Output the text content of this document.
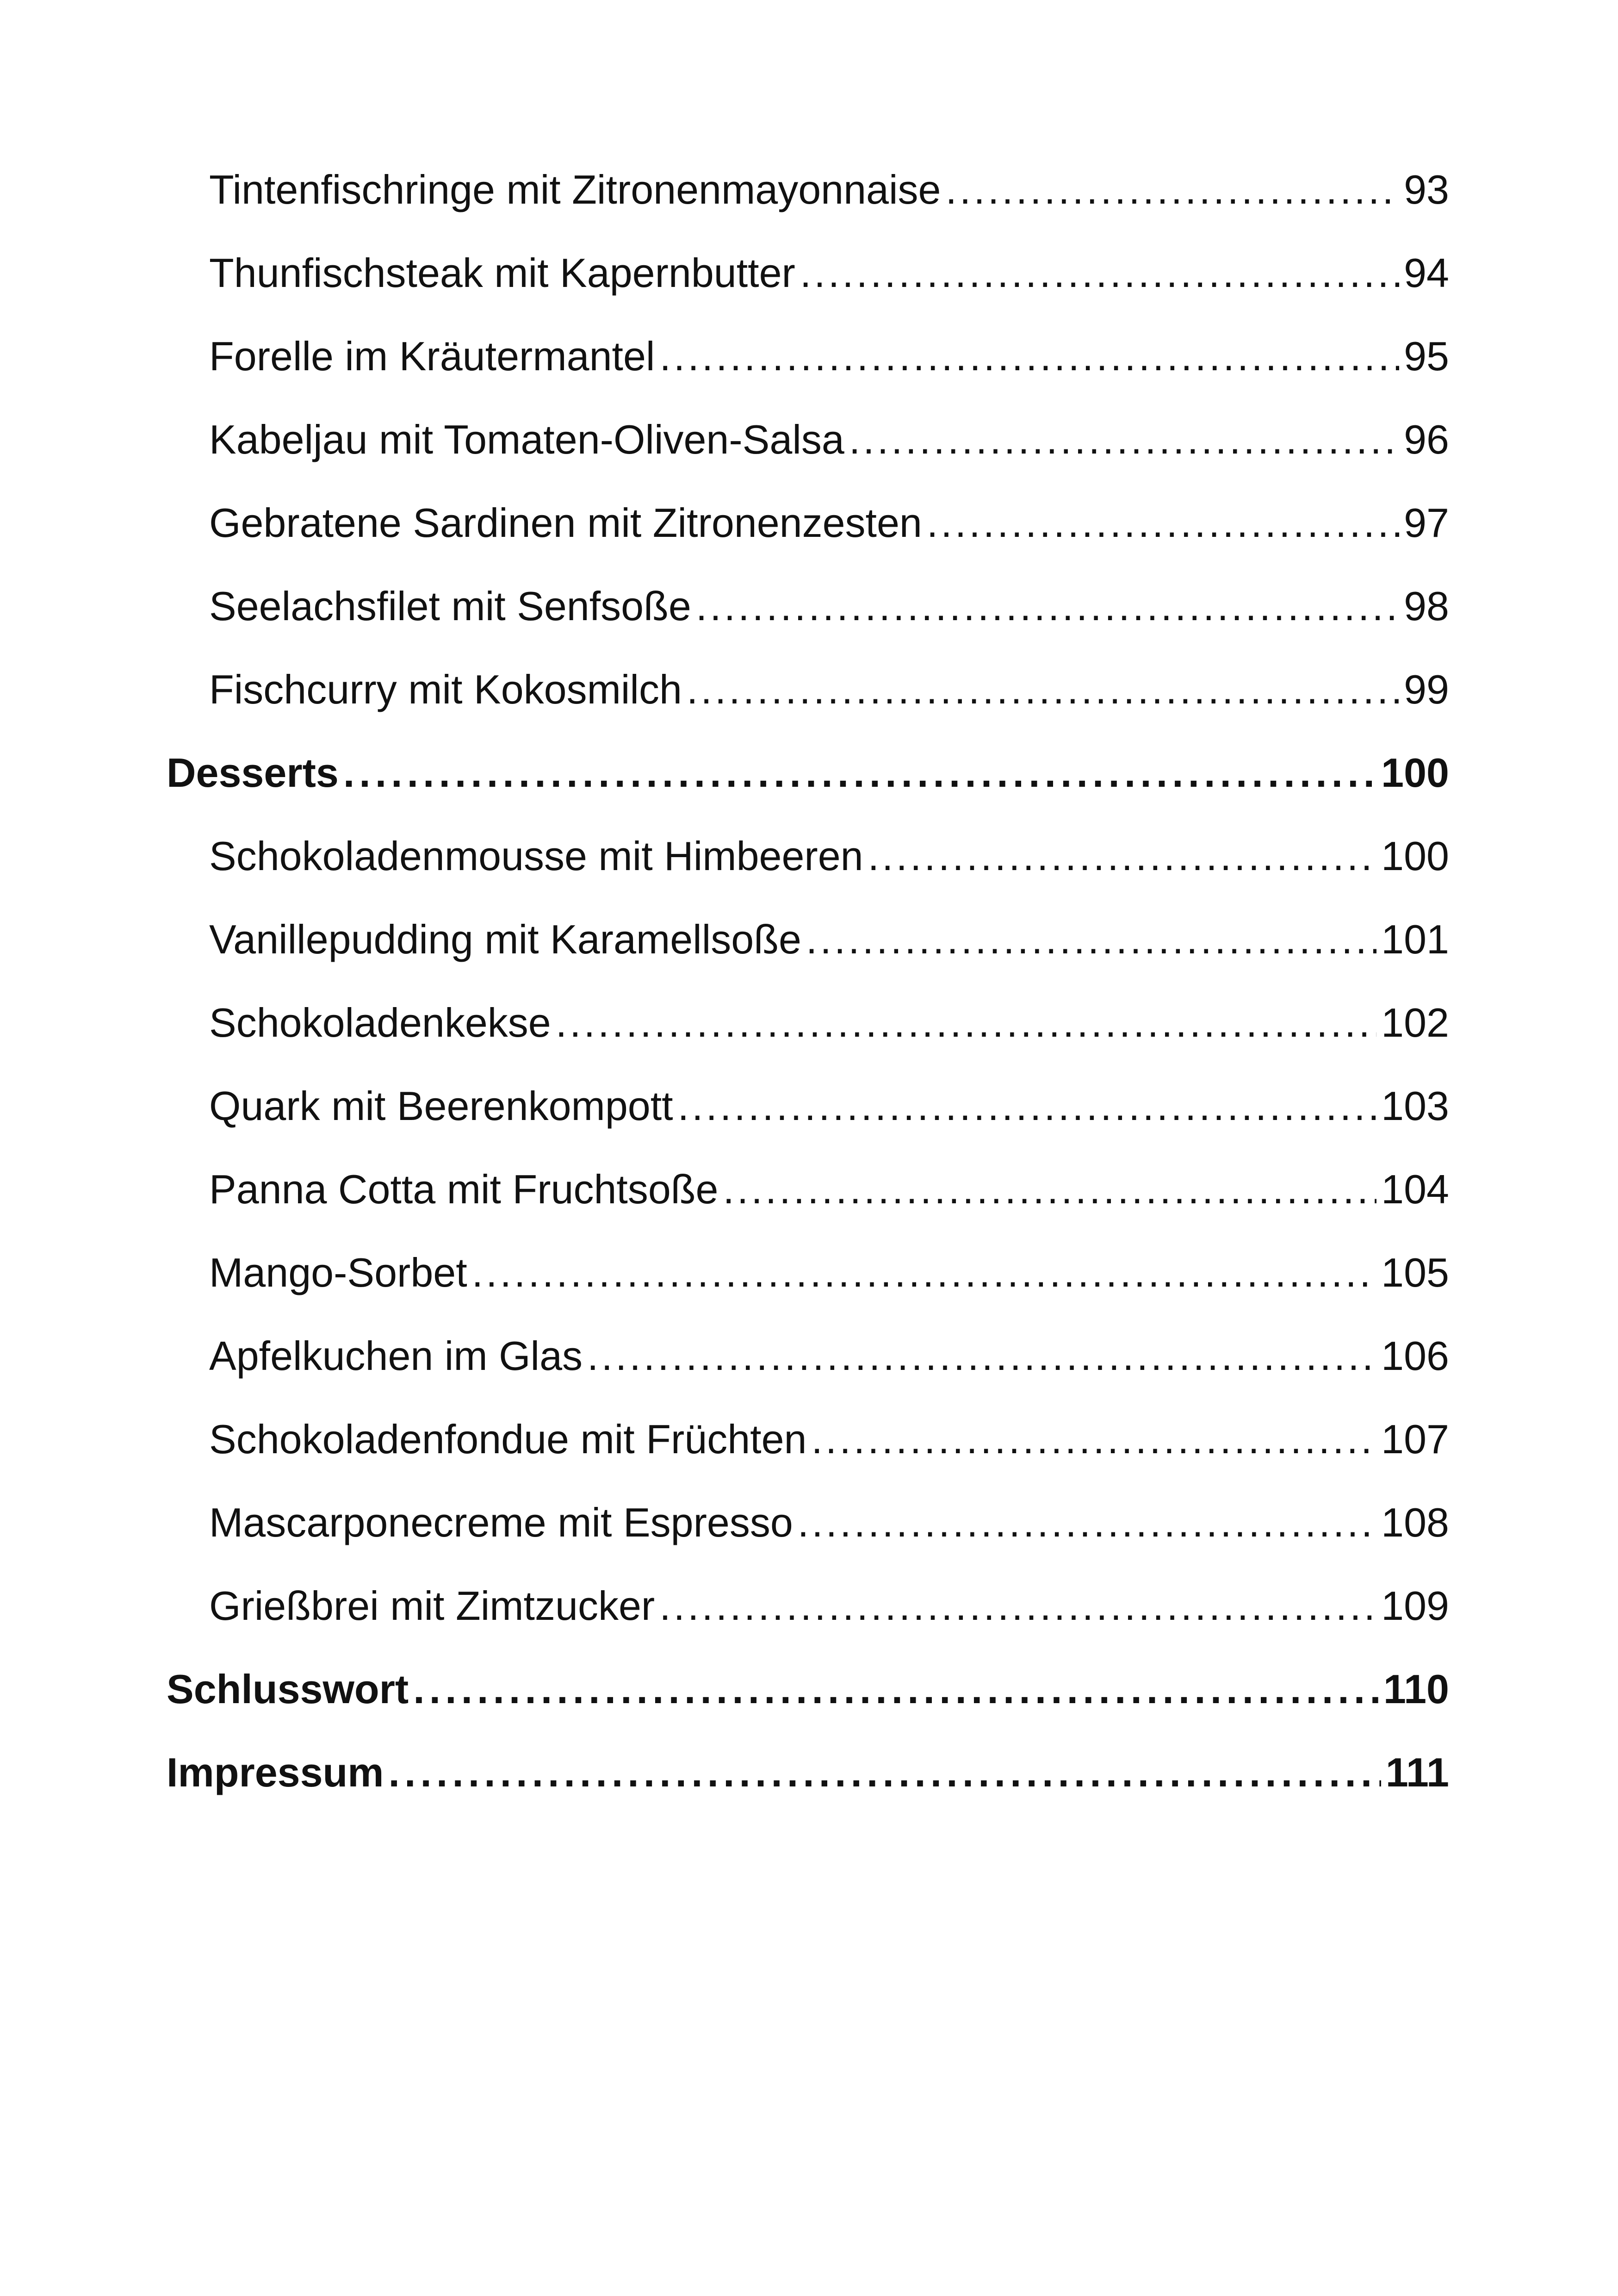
Tintenfischringe mit Zitronenmayonnaise .....	93
Thunfischsteak mit Kapernbutter .....	94
Forelle im Kräutermantel .....	95
Kabeljau mit Tomaten-Oliven-Salsa .....	96
Gebratene Sardinen mit Zitronenzesten .....	97
Seelachsfilet mit Senfsoße .....	98
Fischcurry mit Kokosmilch .....	99
Desserts .....	100
Schokoladenmousse mit Himbeeren .....	100
Vanillepudding mit Karamellsoße .....	101
Schokoladenkekse .....	102
Quark mit Beerenkompott .....	103
Panna Cotta mit Fruchtsoße .....	104
Mango-Sorbet .....	105
Apfelkuchen im Glas .....	106
Schokoladenfondue mit Früchten .....	107
Mascarponecreme mit Espresso .....	108
Grießbrei mit Zimtzucker .....	109
Schlusswort .....	110
Impressum .....	111
